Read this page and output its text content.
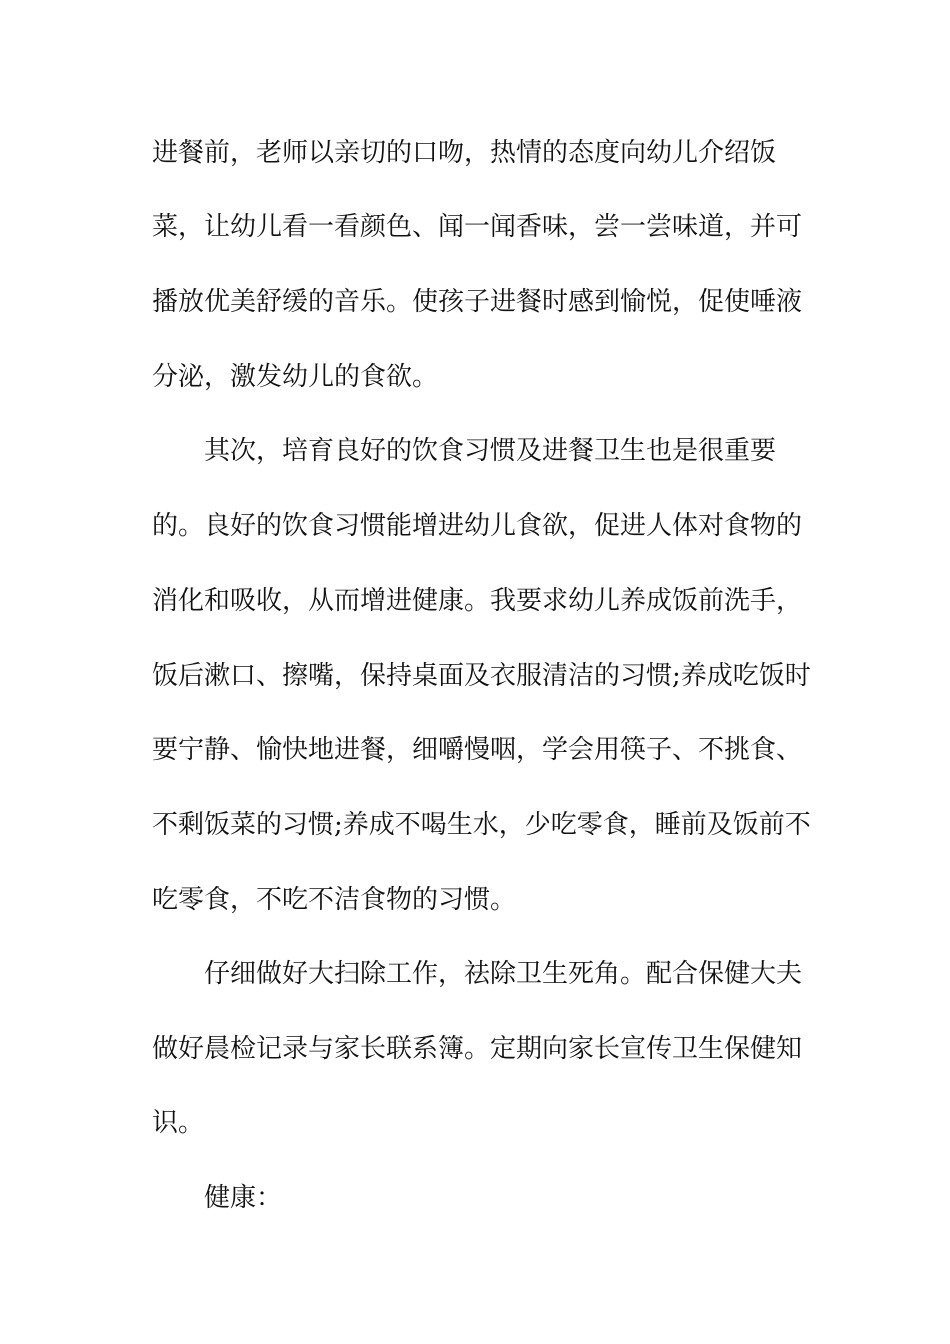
进餐前，老师以亲切的口吻，热情的态度向幼儿介绍饭

菜，让幼儿看一看颜色、闻一闻香味，尝一尝味道，并可

播放优美舒缓的音乐。使孩子进餐时感到愉悦，促使唾液

分泌，激发幼儿的食欲。

其次，培育良好的饮食习惯及进餐卫生也是很重要

的。良好的饮食习惯能增进幼儿食欲，促进人体对食物的

消化和吸收，从而增进健康。我要求幼儿养成饭前洗手，

饭后漱口、擦嘴，保持桌面及衣服清洁的习惯;养成吃饭时

要宁静、愉快地进餐，细嚼慢咽，学会用筷子、不挑食、

不剩饭菜的习惯;养成不喝生水，少吃零食，睡前及饭前不

吃零食，不吃不洁食物的习惯。

仔细做好大扫除工作，祛除卫生死角。配合保健大夫

做好晨检记录与家长联系簿。定期向家长宣传卫生保健知

识。

健康：
